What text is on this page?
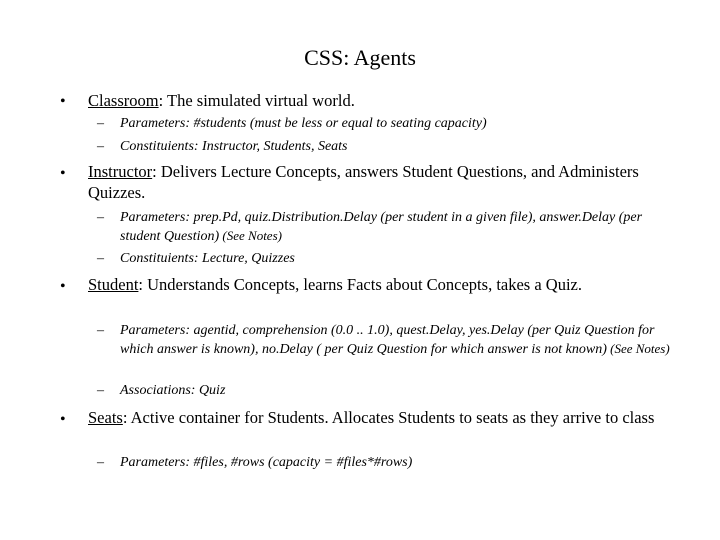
CSS: Agents
• Classroom: The simulated virtual world.
–	Parameters: #students (must be less or equal to seating capacity)
–	Constituients: Instructor, Students, Seats
• Instructor: Delivers Lecture Concepts, answers Student Questions, and Administers Quizzes.
–	Parameters: prep.Pd, quiz.Distribution.Delay (per student in a given file), answer.Delay (per student Question) (See Notes)
–	Constituients: Lecture, Quizzes
• Student: Understands Concepts, learns Facts about Concepts, takes a Quiz.
–	Parameters: agentid, comprehension (0.0 .. 1.0), quest.Delay, yes.Delay (per Quiz Question for which answer is known), no.Delay ( per Quiz Question for which answer is not known) (See Notes)
–	Associations: Quiz
• Seats: Active container for Students. Allocates Students to seats as they arrive to class
–	Parameters: #files, #rows (capacity = #files*#rows)
